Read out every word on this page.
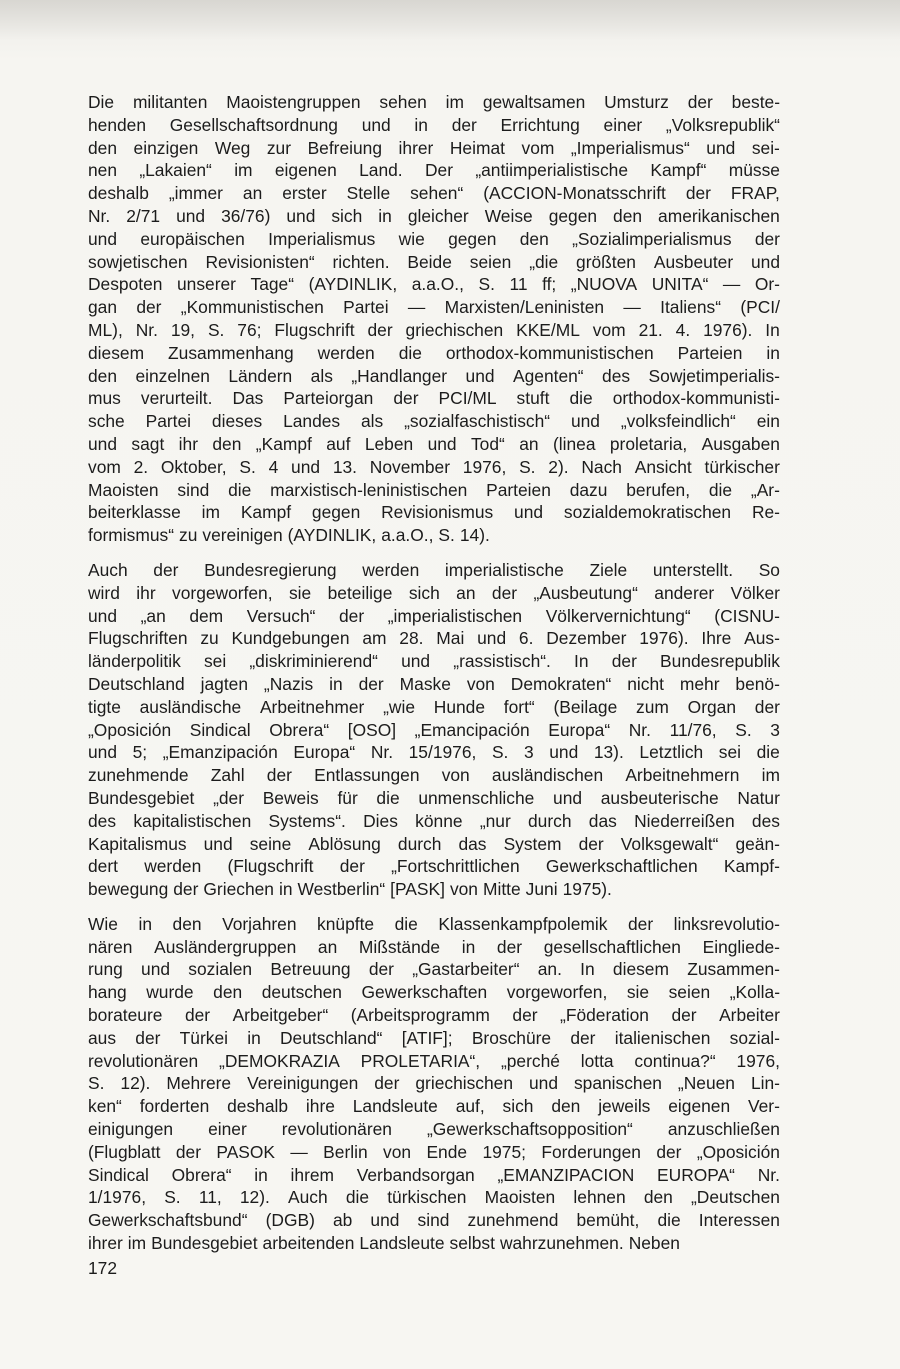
Die militanten Maoistengruppen sehen im gewaltsamen Umsturz der beste-
henden Gesellschaftsordnung und in der Errichtung einer „Volksrepublik“
den einzigen Weg zur Befreiung ihrer Heimat vom „Imperialismus“ und sei-
nen „Lakaien“ im eigenen Land. Der „antiimperialistische Kampf“ müsse
deshalb „immer an erster Stelle sehen“ (ACCION-Monatsschrift der FRAP,
Nr. 2/71 und 36/76) und sich in gleicher Weise gegen den amerikanischen
und europäischen Imperialismus wie gegen den „Sozialimperialismus der
sowjetischen Revisionisten“ richten. Beide seien „die größten Ausbeuter und
Despoten unserer Tage“ (AYDINLIK, a.a.O., S. 11 ff; „NUOVA UNITA“ — Or-
gan der „Kommunistischen Partei — Marxisten/Leninisten — Italiens“ (PCI/
ML), Nr. 19, S. 76; Flugschrift der griechischen KKE/ML vom 21. 4. 1976). In
diesem Zusammenhang werden die orthodox-kommunistischen Parteien in
den einzelnen Ländern als „Handlanger und Agenten“ des Sowjetimperialis-
mus verurteilt. Das Parteiorgan der PCI/ML stuft die orthodox-kommunisti-
sche Partei dieses Landes als „sozialfaschistisch“ und „volksfeindlich“ ein
und sagt ihr den „Kampf auf Leben und Tod“ an (linea proletaria, Ausgaben
vom 2. Oktober, S. 4 und 13. November 1976, S. 2). Nach Ansicht türkischer
Maoisten sind die marxistisch-leninistischen Parteien dazu berufen, die „Ar-
beiterklasse im Kampf gegen Revisionismus und sozialdemokratischen Re-
formismus“ zu vereinigen (AYDINLIK, a.a.O., S. 14).
Auch der Bundesregierung werden imperialistische Ziele unterstellt. So
wird ihr vorgeworfen, sie beteilige sich an der „Ausbeutung“ anderer Völker
und „an dem Versuch“ der „imperialistischen Völkervernichtung“ (CISNU-
Flugschriften zu Kundgebungen am 28. Mai und 6. Dezember 1976). Ihre Aus-
länderpolitik sei „diskriminierend“ und „rassistisch“. In der Bundesrepublik
Deutschland jagten „Nazis in der Maske von Demokraten“ nicht mehr benö-
tigte ausländische Arbeitnehmer „wie Hunde fort“ (Beilage zum Organ der
„Oposición Sindical Obrera“ [OSO] „Emancipación Europa“ Nr. 11/76, S. 3
und 5; „Emanzipación Europa“ Nr. 15/1976, S. 3 und 13). Letztlich sei die
zunehmende Zahl der Entlassungen von ausländischen Arbeitnehmern im
Bundesgebiet „der Beweis für die unmenschliche und ausbeuterische Natur
des kapitalistischen Systems“. Dies könne „nur durch das Niederreißen des
Kapitalismus und seine Ablösung durch das System der Volksgewalt“ geän-
dert werden (Flugschrift der „Fortschrittlichen Gewerkschaftlichen Kampf-
bewegung der Griechen in Westberlin“ [PASK] von Mitte Juni 1975).
Wie in den Vorjahren knüpfte die Klassenkampfpolemik der linksrevolutio-
nären Ausländergruppen an Mißstände in der gesellschaftlichen Eingliede-
rung und sozialen Betreuung der „Gastarbeiter“ an. In diesem Zusammen-
hang wurde den deutschen Gewerkschaften vorgeworfen, sie seien „Kolla-
borateure der Arbeitgeber“ (Arbeitsprogramm der „Föderation der Arbeiter
aus der Türkei in Deutschland“ [ATIF]; Broschüre der italienischen sozial-
revolutionären „DEMOKRAZIA PROLETARIA“, „perché lotta continua?“ 1976,
S. 12). Mehrere Vereinigungen der griechischen und spanischen „Neuen Lin-
ken“ forderten deshalb ihre Landsleute auf, sich den jeweils eigenen Ver-
einigungen einer revolutionären „Gewerkschaftsopposition“ anzuschließen
(Flugblatt der PASOK — Berlin von Ende 1975; Forderungen der „Oposición
Sindical Obrera“ in ihrem Verbandsorgan „EMANZIPACION EUROPA“ Nr.
1/1976, S. 11, 12). Auch die türkischen Maoisten lehnen den „Deutschen
Gewerkschaftsbund“ (DGB) ab und sind zunehmend bemüht, die Interessen
ihrer im Bundesgebiet arbeitenden Landsleute selbst wahrzunehmen. Neben
172
